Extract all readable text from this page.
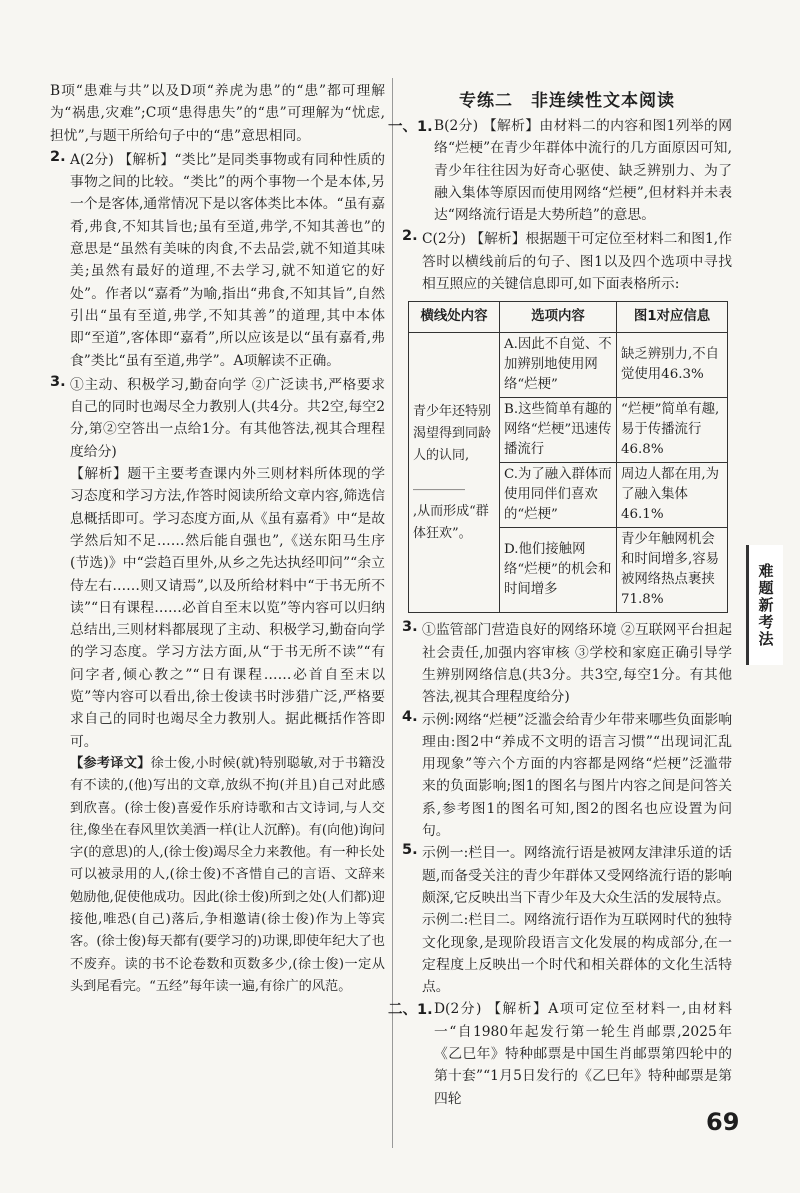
B项“患难与共”以及D项“养虎为患”的“患”都可理解为“祸患,灾难”;C项“患得患失”的“患”可理解为“忧虑,担忧”,与题干所给句子中的“患”意思相同。

2. A(2分) 【解析】“类比”是同类事物或有同种性质的事物之间的比较。“类比”的两个事物一个是本体,另一个是客体,通常情况下是以客体类比本体。“虽有嘉肴,弗食,不知其旨也;虽有至道,弗学,不知其善也”的意思是“虽然有美味的肉食,不去品尝,就不知道其味美;虽然有最好的道理,不去学习,就不知道它的好处”。作者以“嘉肴”为喻,指出“弗食,不知其旨”,自然引出“虽有至道,弗学,不知其善”的道理,其中本体即“至道”,客体即“嘉肴”,所以应该是以“虽有嘉肴,弗食”类比“虽有至道,弗学”。A项解读不正确。

3. ①主动、积极学习,勤奋向学 ②广泛读书,严格要求自己的同时也竭尽全力教别人(共4分。共2空,每空2分,第②空答出一点给1分。有其他答法,视其合理程度给分)

【解析】题干主要考查课内外三则材料所体现的学习态度和学习方法,作答时阅读所给文章内容,筛选信息概括即可。学习态度方面,从《虽有嘉肴》中“是故学然后知不足……然后能自强也”,《送东阳马生序(节选)》中“尝趋百里外,从乡之先达执经叩问”“余立侍左右……则又请焉”,以及所给材料中“于书无所不读”“日有课程……必首自至末以览”等内容可以归纳总结出,三则材料都展现了主动、积极学习,勤奋向学的学习态度。学习方法方面,从“于书无所不读”“有问字者,倾心教之”“日有课程……必首自至末以览”等内容可以看出,徐士俊读书时涉猎广泛,严格要求自己的同时也竭尽全力教别人。据此概括作答即可。

【参考译文】徐士俊,小时候(就)特别聪敏,对于书籍没有不读的,(他)写出的文章,放纵不拘(并且)自己对此感到欣喜。(徐士俊)喜爱作乐府诗歌和古文诗词,与人交往,像坐在春风里饮美酒一样(让人沉醉)。有(向他)询问字(的意思)的人,(徐士俊)竭尽全力来教他。有一种长处可以被录用的人,(徐士俊)不吝惜自己的言语、文辞来勉励他,促使他成功。因此(徐士俊)所到之处(人们都)迎接他,唯恐(自己)落后,争相邀请(徐士俊)作为上等宾客。(徐士俊)每天都有(要学习的)功课,即使年纪大了也不废弃。读的书不论卷数和页数多少,(徐士俊)一定从头到尾看完。“五经”每年读一遍,有徐广的风范。

专练二　非连续性文本阅读
一、1. B(2分) 【解析】由材料二的内容和图1列举的网络“烂梗”在青少年群体中流行的几方面原因可知,青少年往往因为好奇心驱使、缺乏辨别力、为了融入集体等原因而使用网络“烂梗”,但材料并未表达“网络流行语是大势所趋”的意思。

2. C(2分) 【解析】根据题干可定位至材料二和图1,作答时以横线前后的句子、图1以及四个选项中寻找相互照应的关键信息即可,如下面表格所示:

横线处内容	选项内容	图1对应信息

青少年还特别渴望得到同龄人的认同,
________
,从而形成“群体狂欢”。	A.因此不自觉、不加辨别地使用网络“烂梗”	缺乏辨别力,不自觉使用46.3%
	B.这些简单有趣的网络“烂梗”迅速传播流行	“烂梗”简单有趣,易于传播流行46.8%
	C.为了融入群体而使用同伴们喜欢的“烂梗”	周边人都在用,为了融入集体46.1%
	D.他们接触网络“烂梗”的机会和时间增多	青少年触网机会和时间增多,容易被网络热点裹挟71.8%
3. ①监管部门营造良好的网络环境 ②互联网平台担起社会责任,加强内容审核 ③学校和家庭正确引导学生辨别网络信息(共3分。共3空,每空1分。有其他答法,视其合理程度给分)

4. 示例:网络“烂梗”泛滥会给青少年带来哪些负面影响 理由:图2中“养成不文明的语言习惯”“出现词汇乱用现象”等六个方面的内容都是网络“烂梗”泛滥带来的负面影响;图1的图名与图片内容之间是问答关系,参考图1的图名可知,图2的图名也应设置为问句。

5. 示例一:栏目一。网络流行语是被网友津津乐道的话题,而备受关注的青少年群体又受网络流行语的影响颇深,它反映出当下青少年及大众生活的发展特点。

示例二:栏目二。网络流行语作为互联网时代的独特文化现象,是现阶段语言文化发展的构成部分,在一定程度上反映出一个时代和相关群体的文化生活特点。

二、1. D(2分) 【解析】A项可定位至材料一,由材料一“自1980年起发行第一轮生肖邮票,2025年《乙巳年》特种邮票是中国生肖邮票第四轮中的第十套”“1月5日发行的《乙巳年》特种邮票是第四轮

难题新考法
69
